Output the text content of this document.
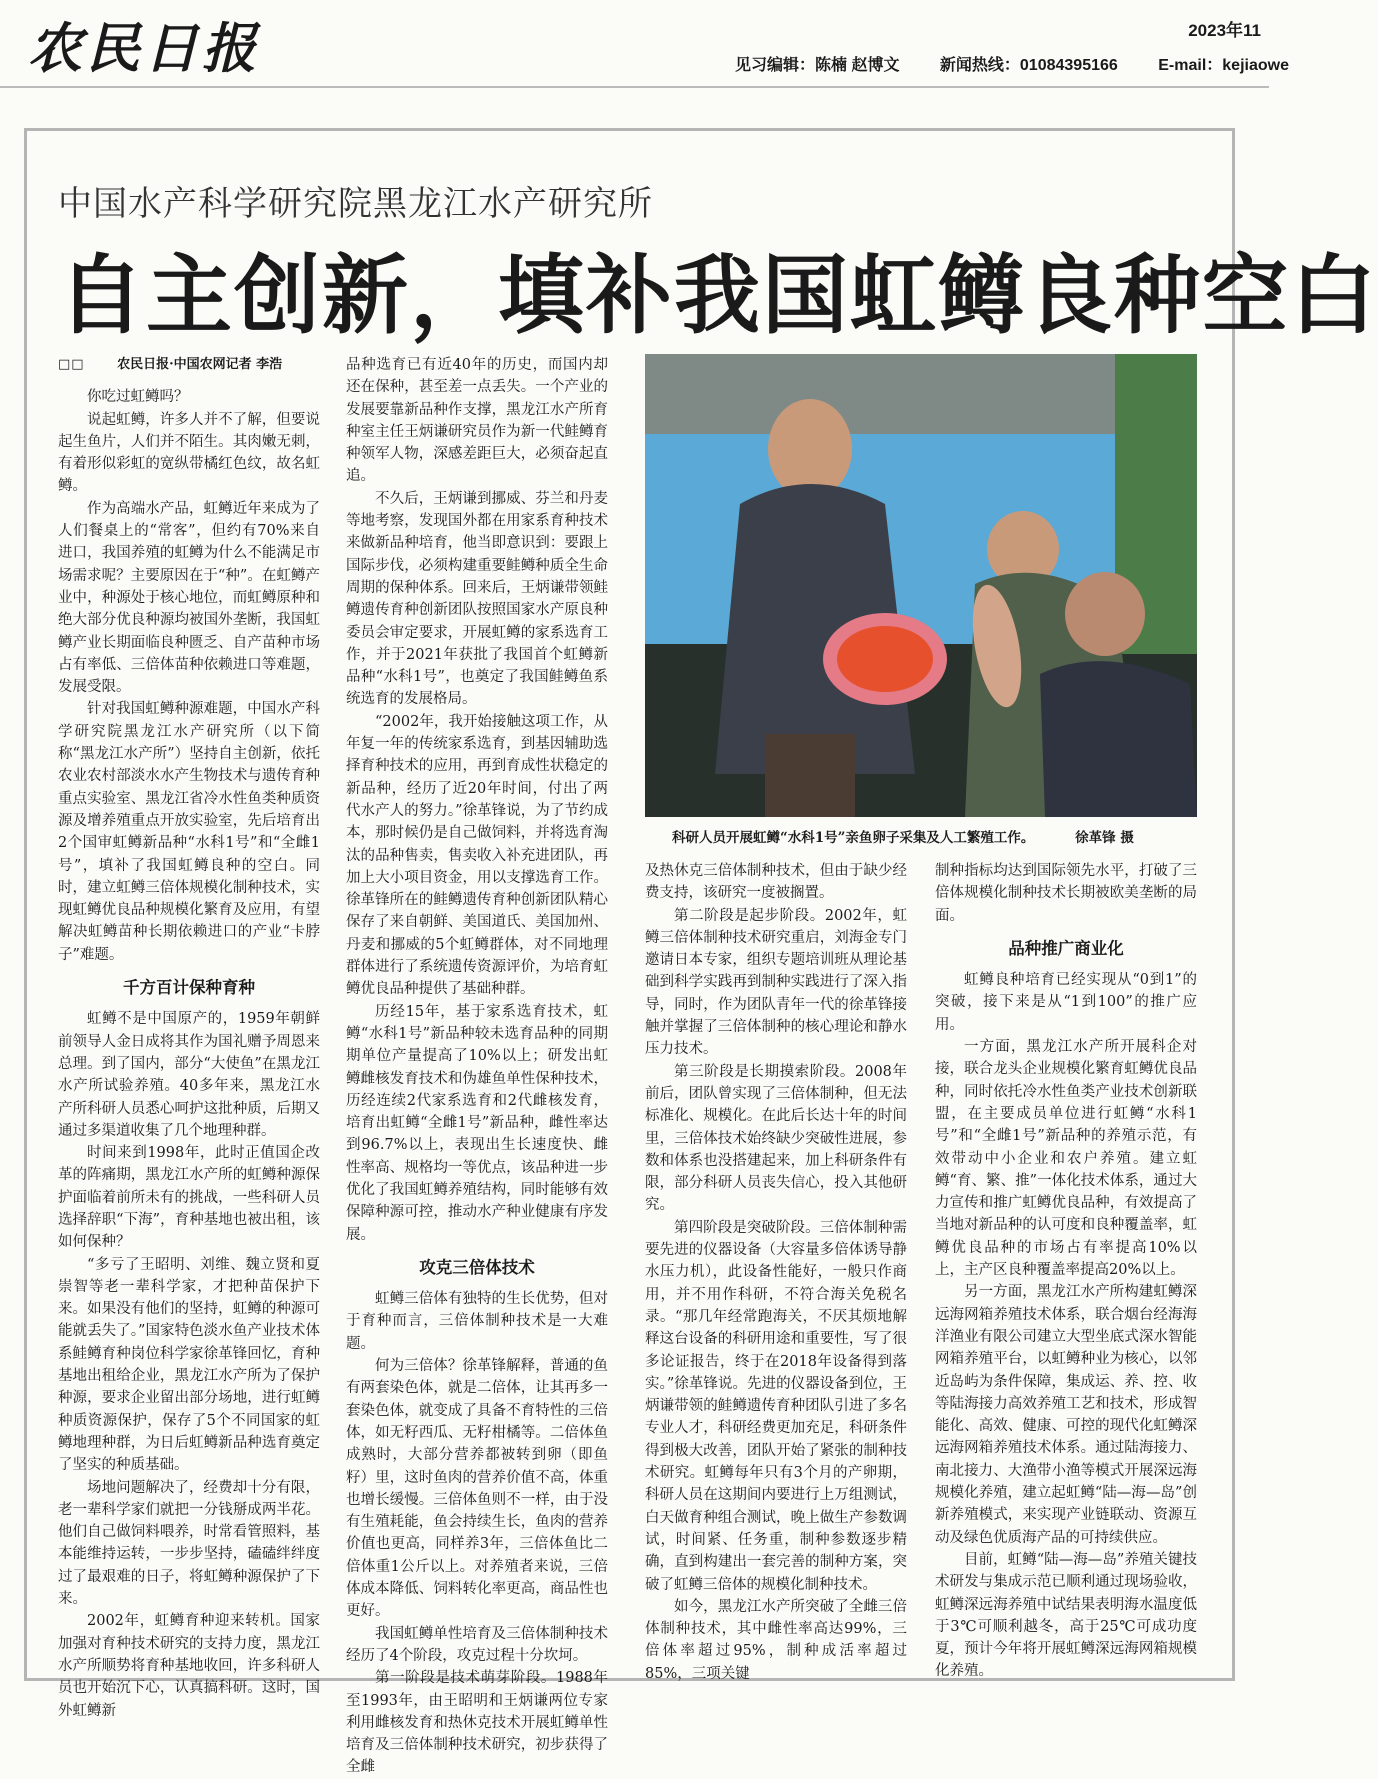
农民日报	2023年11
见习编辑：陈楠 赵博文	新闻热线：01084395166	E-mail：kejiaowe
中国水产科学研究院黑龙江水产研究所
自主创新，填补我国虹鳟良种空白
□□	农民日报·中国农网记者 李浩

你吃过虹鳟吗？

说起虹鳟，许多人并不了解，但要说起生鱼片，人们并不陌生。其肉嫩无刺，有着形似彩虹的宽纵带橘红色纹，故名虹鳟。

作为高端水产品，虹鳟近年来成为了人们餐桌上的“常客”，但约有70%来自进口，我国养殖的虹鳟为什么不能满足市场需求呢？主要原因在于“种”。在虹鳟产业中，种源处于核心地位，而虹鳟原种和绝大部分优良种源均被国外垄断，我国虹鳟产业长期面临良种匮乏、自产苗种市场占有率低、三倍体苗种依赖进口等难题，发展受限。

针对我国虹鳟种源难题，中国水产科学研究院黑龙江水产研究所（以下简称“黑龙江水产所”）坚持自主创新，依托农业农村部淡水水产生物技术与遗传育种重点实验室、黑龙江省冷水性鱼类种质资源及增养殖重点开放实验室，先后培育出2个国审虹鳟新品种“水科1号”和“全雌1号”，填补了我国虹鳟良种的空白。同时，建立虹鳟三倍体规模化制种技术，实现虹鳟优良品种规模化繁育及应用，有望解决虹鳟苗种长期依赖进口的产业“卡脖子”难题。

千方百计保种育种

虹鳟不是中国原产的，1959年朝鲜前领导人金日成将其作为国礼赠予周恩来总理。到了国内，部分“大使鱼”在黑龙江水产所试验养殖。40多年来，黑龙江水产所科研人员悉心呵护这批种质，后期又通过多渠道收集了几个地理种群。

时间来到1998年，此时正值国企改革的阵痛期，黑龙江水产所的虹鳟种源保护面临着前所未有的挑战，一些科研人员选择辞职“下海”，育种基地也被出租，该如何保种？

“多亏了王昭明、刘维、魏立贤和夏崇智等老一辈科学家，才把种苗保护下来。如果没有他们的坚持，虹鳟的种源可能就丢失了。”国家特色淡水鱼产业技术体系鲑鳟育种岗位科学家徐革锋回忆，育种基地出租给企业，黑龙江水产所为了保护种源，要求企业留出部分场地，进行虹鳟种质资源保护，保存了5个不同国家的虹鳟地理种群，为日后虹鳟新品种选育奠定了坚实的种质基础。

场地问题解决了，经费却十分有限，老一辈科学家们就把一分钱掰成两半花。他们自己做饲料喂养，时常看管照料，基本能维持运转，一步步坚持，磕磕绊绊度过了最艰难的日子，将虹鳟种源保护了下来。

2002年，虹鳟育种迎来转机。国家加强对育种技术研究的支持力度，黑龙江水产所顺势将育种基地收回，许多科研人员也开始沉下心，认真搞科研。这时，国外虹鳟新

品种选育已有近40年的历史，而国内却还在保种，甚至差一点丢失。一个产业的发展要靠新品种作支撑，黑龙江水产所育种室主任王炳谦研究员作为新一代鲑鳟育种领军人物，深感差距巨大，必须奋起直追。

不久后，王炳谦到挪威、芬兰和丹麦等地考察，发现国外都在用家系育种技术来做新品种培育，他当即意识到：要跟上国际步伐，必须构建重要鲑鳟种质全生命周期的保种体系。回来后，王炳谦带领鲑鳟遗传育种创新团队按照国家水产原良种委员会审定要求，开展虹鳟的家系选育工作，并于2021年获批了我国首个虹鳟新品种“水科1号”，也奠定了我国鲑鳟鱼系统选育的发展格局。

“2002年，我开始接触这项工作，从年复一年的传统家系选育，到基因辅助选择育种技术的应用，再到育成性状稳定的新品种，经历了近20年时间，付出了两代水产人的努力。”徐革锋说，为了节约成本，那时候仍是自己做饲料，并将选育淘汰的品种售卖，售卖收入补充进团队，再加上大小项目资金，用以支撑选育工作。徐革锋所在的鲑鳟遗传育种创新团队精心保存了来自朝鲜、美国道氏、美国加州、丹麦和挪威的5个虹鳟群体，对不同地理群体进行了系统遗传资源评价，为培育虹鳟优良品种提供了基础种群。

历经15年，基于家系选育技术，虹鳟“水科1号”新品种较未选育品种的同期期单位产量提高了10%以上；研发出虹鳟雌核发育技术和伪雄鱼单性保种技术，历经连续2代家系选育和2代雌核发育，培育出虹鳟“全雌1号”新品种，雌性率达到96.7%以上，表现出生长速度快、雌性率高、规格均一等优点，该品种进一步优化了我国虹鳟养殖结构，同时能够有效保障种源可控，推动水产种业健康有序发展。

攻克三倍体技术

虹鳟三倍体有独特的生长优势，但对于育种而言，三倍体制种技术是一大难题。

何为三倍体？徐革锋解释，普通的鱼有两套染色体，就是二倍体，让其再多一套染色体，就变成了具备不育特性的三倍体，如无籽西瓜、无籽柑橘等。二倍体鱼成熟时，大部分营养都被转到卵（即鱼籽）里，这时鱼肉的营养价值不高，体重也增长缓慢。三倍体鱼则不一样，由于没有生殖耗能，鱼会持续生长，鱼肉的营养价值也更高，同样养3年，三倍体鱼比二倍体重1公斤以上。对养殖者来说，三倍体成本降低、饲料转化率更高，商品性也更好。

我国虹鳟单性培育及三倍体制种技术经历了4个阶段，攻克过程十分坎坷。

第一阶段是技术萌芽阶段。1988年至1993年，由王昭明和王炳谦两位专家利用雌核发育和热休克技术开展虹鳟单性培育及三倍体制种技术研究，初步获得了全雌

科研人员开展虹鳟“水科1号”亲鱼卵子采集及人工繁殖工作。	徐革锋 摄

及热休克三倍体制种技术，但由于缺少经费支持，该研究一度被搁置。

第二阶段是起步阶段。2002年，虹鳟三倍体制种技术研究重启，刘海金专门邀请日本专家，组织专题培训班从理论基础到科学实践再到制种实践进行了深入指导，同时，作为团队青年一代的徐革锋接触并掌握了三倍体制种的核心理论和静水压力技术。

第三阶段是长期摸索阶段。2008年前后，团队曾实现了三倍体制种，但无法标准化、规模化。在此后长达十年的时间里，三倍体技术始终缺少突破性进展，参数和体系也没搭建起来，加上科研条件有限，部分科研人员丧失信心，投入其他研究。

第四阶段是突破阶段。三倍体制种需要先进的仪器设备（大容量多倍体诱导静水压力机），此设备性能好，一般只作商用，并不用作科研，不符合海关免税名录。“那几年经常跑海关，不厌其烦地解释这台设备的科研用途和重要性，写了很多论证报告，终于在2018年设备得到落实。”徐革锋说。先进的仪器设备到位，王炳谦带领的鲑鳟遗传育种团队引进了多名专业人才，科研经费更加充足，科研条件得到极大改善，团队开始了紧张的制种技术研究。虹鳟每年只有3个月的产卵期，科研人员在这期间内要进行上万组测试，白天做育种组合测试，晚上做生产参数调试，时间紧、任务重，制种参数逐步精确，直到构建出一套完善的制种方案，突破了虹鳟三倍体的规模化制种技术。

如今，黑龙江水产所突破了全雌三倍体制种技术，其中雌性率高达99%，三倍体率超过95%，制种成活率超过85%，三项关键

制种指标均达到国际领先水平，打破了三倍体规模化制种技术长期被欧美垄断的局面。

品种推广商业化

虹鳟良种培育已经实现从“0到1”的突破，接下来是从“1到100”的推广应用。

一方面，黑龙江水产所开展科企对接，联合龙头企业规模化繁育虹鳟优良品种，同时依托冷水性鱼类产业技术创新联盟，在主要成员单位进行虹鳟“水科1号”和“全雌1号”新品种的养殖示范，有效带动中小企业和农户养殖。建立虹鳟“育、繁、推”一体化技术体系，通过大力宣传和推广虹鳟优良品种，有效提高了当地对新品种的认可度和良种覆盖率，虹鳟优良品种的市场占有率提高10%以上，主产区良种覆盖率提高20%以上。

另一方面，黑龙江水产所构建虹鳟深远海网箱养殖技术体系，联合烟台经海海洋渔业有限公司建立大型坐底式深水智能网箱养殖平台，以虹鳟种业为核心，以邻近岛屿为条件保障，集成运、养、控、收等陆海接力高效养殖工艺和技术，形成智能化、高效、健康、可控的现代化虹鳟深远海网箱养殖技术体系。通过陆海接力、南北接力、大渔带小渔等模式开展深远海规模化养殖，建立起虹鳟“陆—海—岛”创新养殖模式，来实现产业链联动、资源互动及绿色优质海产品的可持续供应。

目前，虹鳟“陆—海—岛”养殖关键技术研发与集成示范已顺利通过现场验收，虹鳟深远海养殖中试结果表明海水温度低于3℃可顺利越冬，高于25℃可成功度夏，预计今年将开展虹鳟深远海网箱规模化养殖。
